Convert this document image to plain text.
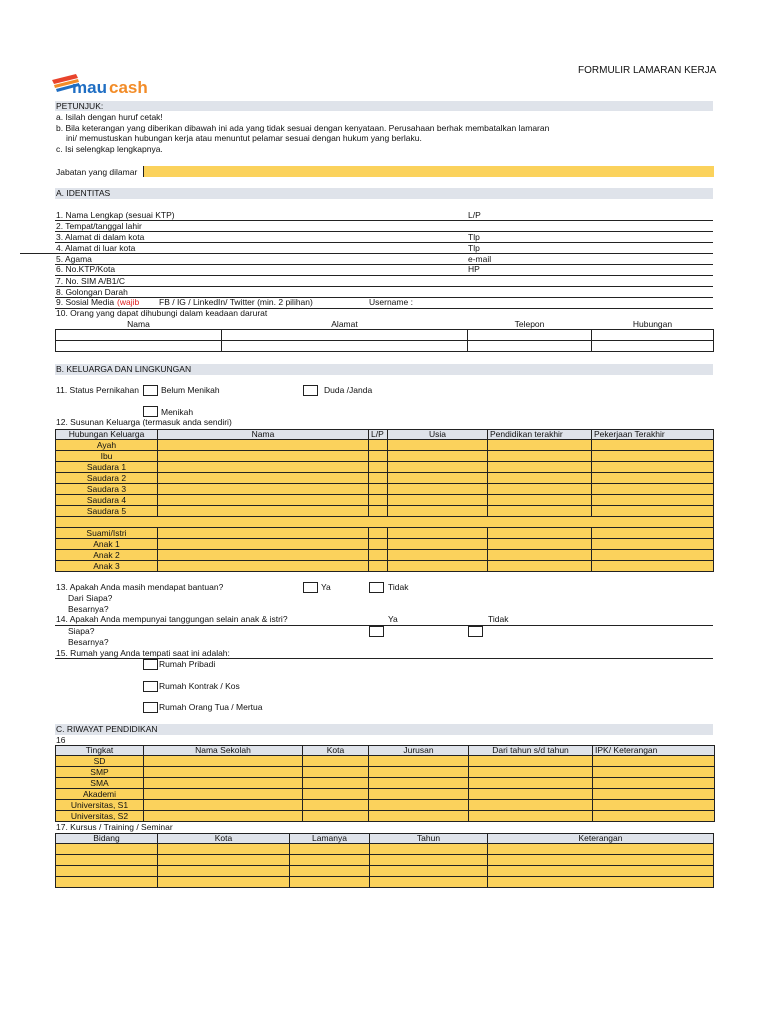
mau cash
FORMULIR LAMARAN KERJA
PETUNJUK:
a. Isilah dengan huruf cetak!
b. Bila keterangan yang diberikan dibawah ini ada yang tidak sesuai dengan kenyataan. Perusahaan berhak membatalkan lamaran
ini/ memustuskan hubungan kerja atau menuntut pelamar sesuai dengan hukum yang berlaku.
c. Isi selengkap lengkapnya.
Jabatan yang dilamar
A. IDENTITAS
1. Nama Lengkap (sesuai KTP)	L/P
2. Tempat/tanggal lahir
3. Alamat di dalam kota	Tlp
4. Alamat di luar kota	Tlp
5. Agama	e-mail
6. No.KTP/Kota	HP
7. No. SIM A/B1/C
8. Golongan Darah
9. Sosial Media (wajib FB / IG / LinkedIn/ Twitter (min. 2 pilihan)	Username :
10. Orang yang dapat dihubungi dalam keadaan darurat
Nama	Alamat	Telepon	Hubungan

B. KELUARGA DAN LINGKUNGAN
11. Status Pernikahan	Belum Menikah	Duda /Janda
Menikah
12. Susunan Keluarga (termasuk anda sendiri)
Hubungan Keluarga	Nama	L/P	Usia	Pendidikan terakhir	Pekerjaan Terakhir
Ayah					
Ibu					
Saudara 1					
Saudara 2					
Saudara 3					
Saudara 4					
Saudara 5					

Suami/Istri					
Anak 1					
Anak 2					
Anak 3					
13. Apakah Anda masih mendapat bantuan?	Ya	Tidak
Dari Siapa?
Besarnya?
14. Apakah Anda mempunyai tanggungan selain anak & istri?	Ya	Tidak
Siapa?
Besarnya?
15. Rumah yang Anda tempati saat ini adalah:
Rumah Pribadi
Rumah Kontrak / Kos
Rumah Orang Tua / Mertua
C. RIWAYAT PENDIDIKAN
16
Tingkat	Nama Sekolah	Kota	Jurusan	Dari tahun s/d tahun	IPK/ Keterangan
SD					
SMP					
SMA					
Akademi					
Universitas, S1					
Universitas, S2					
17. Kursus / Training / Seminar
Bidang	Kota	Lamanya	Tahun	Keterangan
